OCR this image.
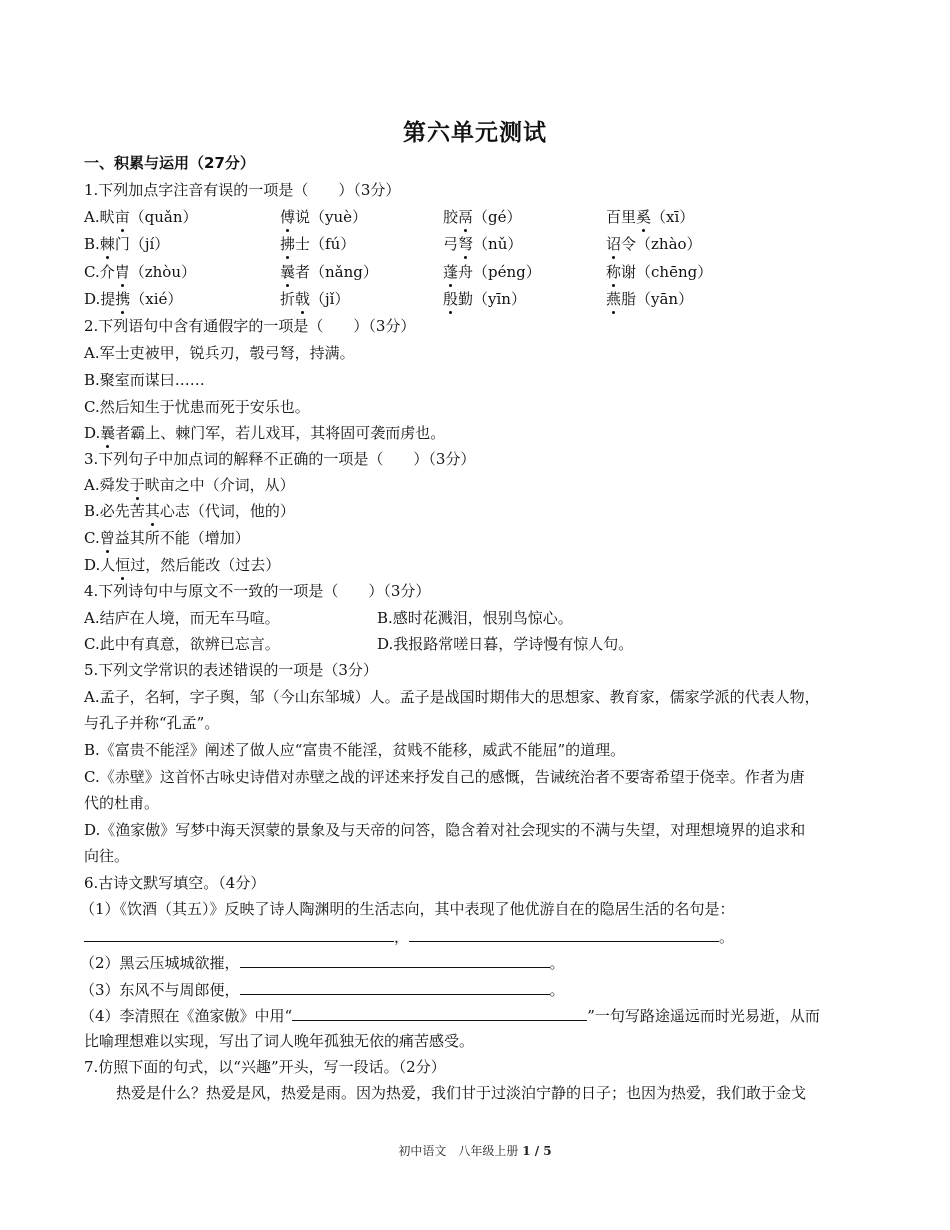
第六单元测试
一、积累与运用（27分）
1.下列加点字注音有误的一项是（　　）（3分）
A.畎亩（quǎn）	傅说（yuè）	胶鬲（gé）	百里奚（xī）
B.棘门（jí）	拂士（fú）	弓弩（nǔ）	诏令（zhào）
C.介胄（zhòu）	曩者（nǎng）	蓬舟（péng）	称谢（chēng）
D.提携（xié）	折戟（jǐ）	殷勤（yīn）	燕脂（yān）
2.下列语句中含有通假字的一项是（　　）（3分）
A.军士吏被甲，锐兵刃，彀弓弩，持满。
B.聚室而谋曰……
C.然后知生于忧患而死于安乐也。
D.曩者霸上、棘门军，若儿戏耳，其将固可袭而虏也。
3.下列句子中加点词的解释不正确的一项是（　　）（3分）
A.舜发于畎亩之中（介词，从）
B.必先苦其心志（代词，他的）
C.曾益其所不能（增加）
D.人恒过，然后能改（过去）
4.下列诗句中与原文不一致的一项是（　　）（3分）
A.结庐在人境，而无车马喧。	B.感时花溅泪，恨别鸟惊心。
C.此中有真意，欲辨已忘言。	D.我报路常嗟日暮，学诗慢有惊人句。
5.下列文学常识的表述错误的一项是（3分）
A.孟子，名轲，字子舆，邹（今山东邹城）人。孟子是战国时期伟大的思想家、教育家，儒家学派的代表人物，
与孔子并称“孔孟”。
B.《富贵不能淫》阐述了做人应“富贵不能淫，贫贱不能移，威武不能屈”的道理。
C.《赤壁》这首怀古咏史诗借对赤壁之战的评述来抒发自己的感慨，告诫统治者不要寄希望于侥幸。作者为唐
代的杜甫。
D.《渔家傲》写梦中海天溟蒙的景象及与天帝的问答，隐含着对社会现实的不满与失望，对理想境界的追求和
向往。
6.古诗文默写填空。（4分）
（1）《饮酒（其五）》反映了诗人陶渊明的生活志向，其中表现了他优游自在的隐居生活的名句是：
，	。
（2）黑云压城城欲摧，	。
（3）东风不与周郎便，	。
（4）李清照在《渔家傲》中用“	”一句写路途遥远而时光易逝，从而
比喻理想难以实现，写出了词人晚年孤独无依的痛苦感受。
7.仿照下面的句式，以“兴趣”开头，写一段话。（2分）
热爱是什么？热爱是风，热爱是雨。因为热爱，我们甘于过淡泊宁静的日子；也因为热爱，我们敢于金戈
初中语文　八年级上册 1 / 5
